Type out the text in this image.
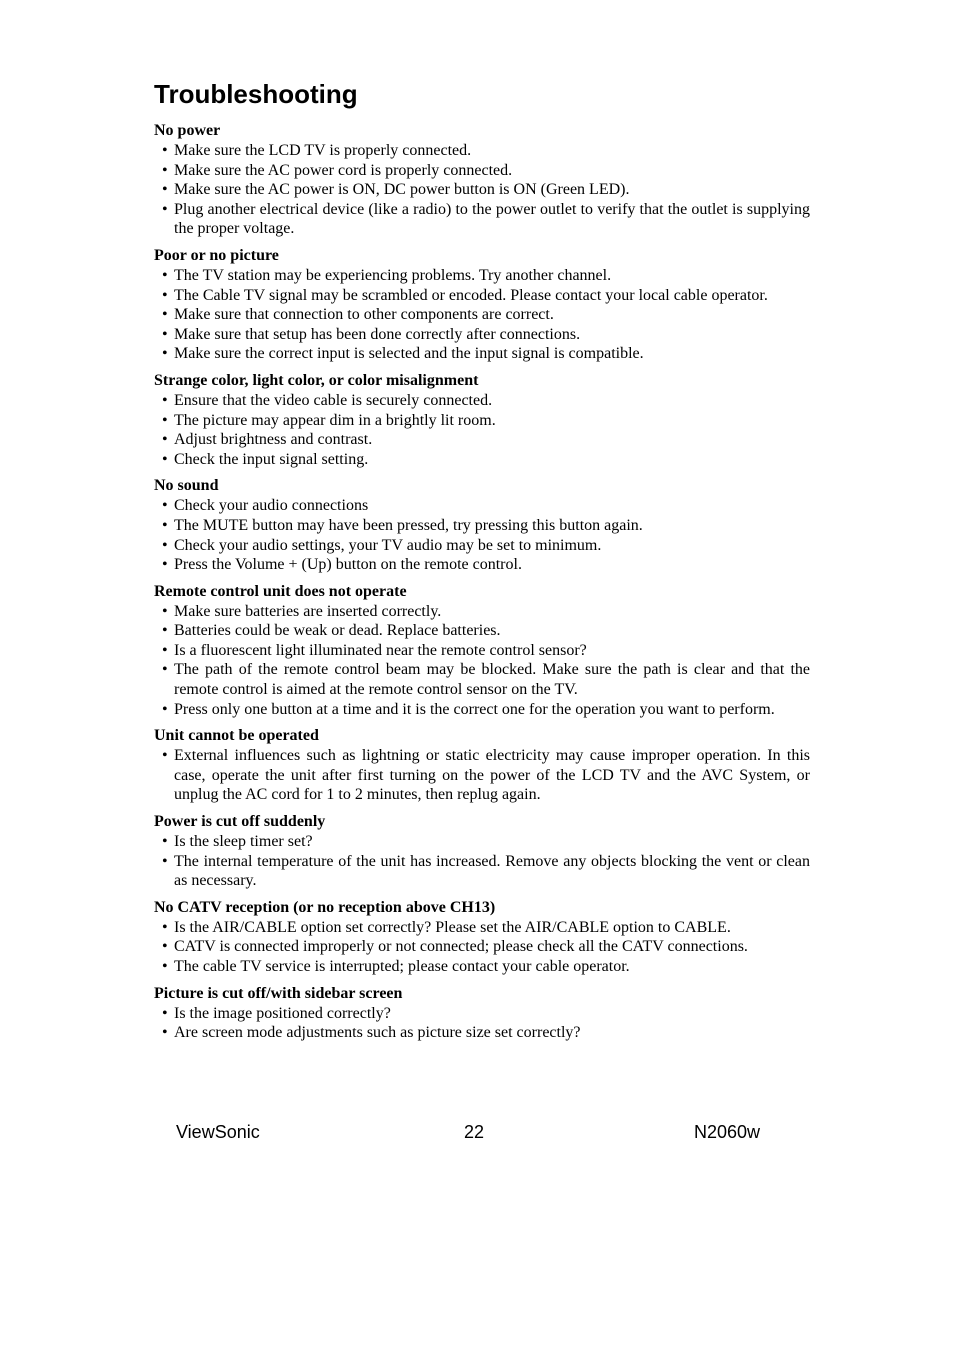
Troubleshooting
No power
• Make sure the LCD TV is properly connected.
• Make sure the AC power cord is properly connected.
• Make sure the AC power is ON, DC power button is ON (Green LED).
• Plug another electrical device (like a radio) to the power outlet to verify that the outlet is supplying the proper voltage.
Poor or no picture
• The TV station may be experiencing problems. Try another channel.
• The Cable TV signal may be scrambled or encoded. Please contact your local cable operator.
• Make sure that connection to other components are correct.
• Make sure that setup has been done correctly after connections.
• Make sure the correct input is selected and the input signal is compatible.
Strange color, light color, or color misalignment
• Ensure that the video cable is securely connected.
• The picture may appear dim in a brightly lit room.
• Adjust brightness and contrast.
• Check the input signal setting.
No sound
• Check your audio connections
• The MUTE button may have been pressed, try pressing this button again.
• Check your audio settings, your TV audio may be set to minimum.
• Press the Volume + (Up) button on the remote control.
Remote control unit does not operate
• Make sure batteries are inserted correctly.
• Batteries could be weak or dead. Replace batteries.
• Is a fluorescent light illuminated near the remote control sensor?
• The path of the remote control beam may be blocked. Make sure the path is clear and that the remote control is aimed at the remote control sensor on the TV.
• Press only one button at a time and it is the correct one for the operation you want to perform.
Unit cannot be operated
• External influences such as lightning or static electricity may cause improper operation. In this case, operate the unit after first turning on the power of the LCD TV and the AVC System, or unplug the AC cord for 1 to 2 minutes, then replug again.
Power is cut off suddenly
• Is the sleep timer set?
• The internal temperature of the unit has increased. Remove any objects blocking the vent or clean as necessary.
No CATV reception (or no reception above CH13)
• Is the AIR/CABLE option set correctly? Please set the AIR/CABLE option to CABLE.
• CATV is connected improperly or not connected; please check all the CATV connections.
• The cable TV service is interrupted; please contact your cable operator.
Picture is cut off/with sidebar screen
• Is the image positioned correctly?
• Are screen mode adjustments such as picture size set correctly?
ViewSonic	22	N2060w
